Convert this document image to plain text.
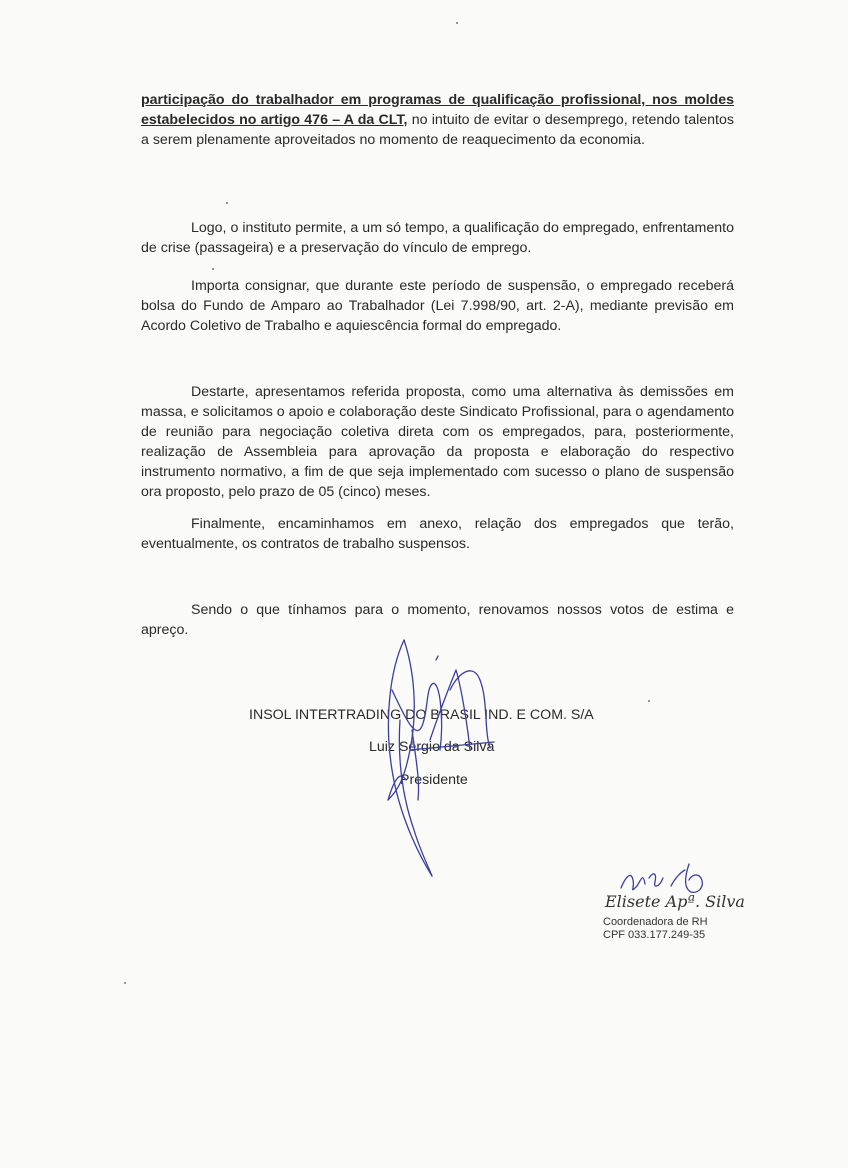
participação do trabalhador em programas de qualificação profissional, nos moldes estabelecidos no artigo 476 – A da CLT, no intuito de evitar o desemprego, retendo talentos a serem plenamente aproveitados no momento de reaquecimento da economia.

Logo, o instituto permite, a um só tempo, a qualificação do empregado, enfrentamento de crise (passageira) e a preservação do vínculo de emprego.

Importa consignar, que durante este período de suspensão, o empregado receberá bolsa do Fundo de Amparo ao Trabalhador (Lei 7.998/90, art. 2-A), mediante previsão em Acordo Coletivo de Trabalho e aquiescência formal do empregado.

Destarte, apresentamos referida proposta, como uma alternativa às demissões em massa, e solicitamos o apoio e colaboração deste Sindicato Profissional, para o agendamento de reunião para negociação coletiva direta com os empregados, para, posteriormente, realização de Assembleia para aprovação da proposta e elaboração do respectivo instrumento normativo, a fim de que seja implementado com sucesso o plano de suspensão ora proposto, pelo prazo de 05 (cinco) meses.

Finalmente, encaminhamos em anexo, relação dos empregados que terão, eventualmente, os contratos de trabalho suspensos.

Sendo o que tínhamos para o momento, renovamos nossos votos de estima e apreço.

INSOL INTERTRADING DO BRASIL IND. E COM. S/A
Luiz Sérgio da Silva
Presidente
Elisete Apª. Silva
Coordenadora de RH
CPF 033.177.249-35
